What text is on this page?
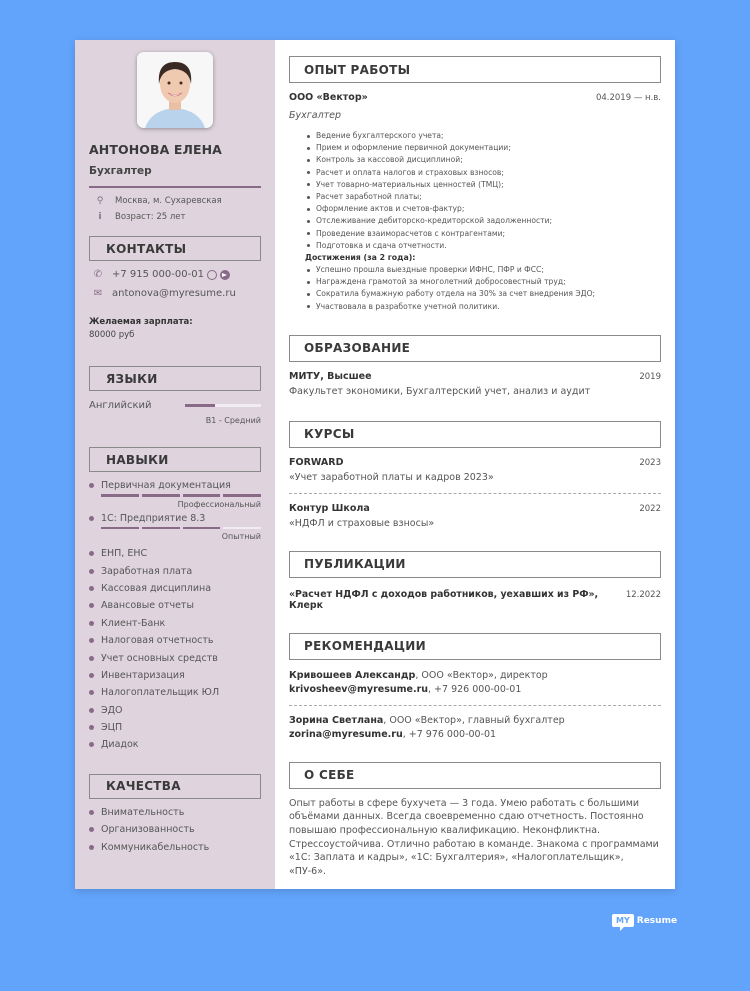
АНТОНОВА ЕЛЕНА
Бухгалтер
⚲	Москва, м. Сухаревская
i	Возраст: 25 лет
КОНТАКТЫ
✆ +7 915 000-00-01
✉ antonova@myresume.ru
Желаемая зарплата:
80000 руб
ЯЗЫКИ
Английский
B1 - Средний
НАВЫКИ
Первичная документация
Профессиональный
1С: Предприятие 8.3
Опытный
ЕНП, ЕНС
Заработная плата
Кассовая дисциплина
Авансовые отчеты
Клиент-Банк
Налоговая отчетность
Учет основных средств
Инвентаризация
Налогоплательщик ЮЛ
ЭДО
ЭЦП
Диадок
КАЧЕСТВА
Внимательность
Организованность
Коммуникабельность
ОПЫТ РАБОТЫ
ООО «Вектор»	04.2019 — н.в.
Бухгалтер
Ведение бухгалтерского учета;
Прием и оформление первичной документации;
Контроль за кассовой дисциплиной;
Расчет и оплата налогов и страховых взносов;
Учет товарно-материальных ценностей (ТМЦ);
Расчет заработной платы;
Оформление актов и счетов-фактур;
Отслеживание дебиторско-кредиторской задолженности;
Проведение взаиморасчетов с контрагентами;
Подготовка и сдача отчетности.
Достижения (за 2 года):
Успешно прошла выездные проверки ИФНС, ПФР и ФСС;
Награждена грамотой за многолетний добросовестный труд;
Сократила бумажную работу отдела на 30% за счет внедрения ЭДО;
Участвовала в разработке учетной политики.
ОБРАЗОВАНИЕ
МИТУ, Высшее	2019
Факультет экономики, Бухгалтерский учет, анализ и аудит
КУРСЫ
FORWARD	2023
«Учет заработной платы и кадров 2023»
Контур Школа	2022
«НДФЛ и страховые взносы»
ПУБЛИКАЦИИ
«Расчет НДФЛ с доходов работников, уехавших из РФ», Клерк
12.2022
РЕКОМЕНДАЦИИ
Кривошеев Александр, ООО «Вектор», директор
krivosheev@myresume.ru, +7 926 000-00-01
Зорина Светлана, ООО «Вектор», главный бухгалтер
zorina@myresume.ru, +7 976 000-00-01
О СЕБЕ
Опыт работы в сфере бухучета — 3 года. Умею работать с большими объёмами данных. Всегда своевременно сдаю отчетность. Постоянно повышаю профессиональную квалификацию. Неконфликтна. Стрессоустойчива. Отлично работаю в команде. Знакома с программами «1С: Заплата и кадры», «1С: Бухгалтерия», «Налогоплательщик», «ПУ-6».
MY Resume
